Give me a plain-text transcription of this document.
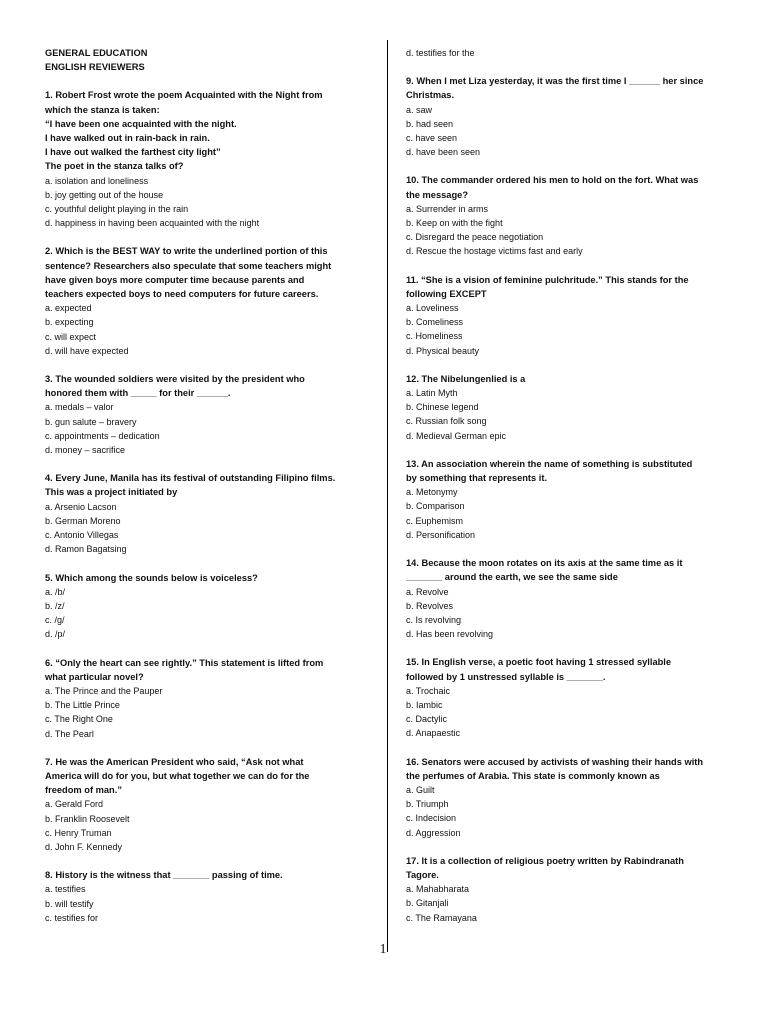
GENERAL EDUCATION
ENGLISH REVIEWERS
1. Robert Frost wrote the poem Acquainted with the Night from
which the stanza is taken:
“I have been one acquainted with the night.
I have walked out in rain-back in rain.
I have out walked the farthest city light”
The poet in the stanza talks of?
a. isolation and loneliness
b. joy getting out of the house
c. youthful delight playing in the rain
d. happiness in having been acquainted with the night
2. Which is the BEST WAY to write the underlined portion of this
sentence? Researchers also speculate that some teachers might
have given boys more computer time because parents and
teachers expected boys to need computers for future careers.
a. expected
b. expecting
c. will expect
d. will have expected
3. The wounded soldiers were visited by the president who
honored them with _____ for their ______.
a. medals – valor
b. gun salute – bravery
c. appointments – dedication
d. money – sacrifice
4. Every June, Manila has its festival of outstanding Filipino films.
This was a project initiated by
a. Arsenio Lacson
b. German Moreno
c. Antonio Villegas
d. Ramon Bagatsing
5. Which among the sounds below is voiceless?
a. /b/
b. /z/
c. /g/
d. /p/
6. “Only the heart can see rightly.” This statement is lifted from
what particular novel?
a. The Prince and the Pauper
b. The Little Prince
c. The Right One
d. The Pearl
7. He was the American President who said, “Ask not what
America will do for you, but what together we can do for the
freedom of man.”
a. Gerald Ford
b. Franklin Roosevelt
c. Henry Truman
d. John F. Kennedy
8. History is the witness that _______ passing of time.
a. testifies
b. will testify
c. testifies for
d. testifies for the
9. When I met Liza yesterday, it was the first time I ______ her since
Christmas.
a. saw
b. had seen
c. have seen
d. have been seen
10. The commander ordered his men to hold on the fort. What was
the message?
a. Surrender in arms
b. Keep on with the fight
c. Disregard the peace negotiation
d. Rescue the hostage victims fast and early
11. “She is a vision of feminine pulchritude.” This stands for the
following EXCEPT
a. Loveliness
b. Comeliness
c. Homeliness
d. Physical beauty
12. The Nibelungenlied is a
a. Latin Myth
b. Chinese legend
c. Russian folk song
d. Medieval German epic
13. An association wherein the name of something is substituted
by something that represents it.
a. Metonymy
b. Comparison
c. Euphemism
d. Personification
14. Because the moon rotates on its axis at the same time as it
_______ around the earth, we see the same side
a. Revolve
b. Revolves
c. Is revolving
d. Has been revolving
15. In English verse, a poetic foot having 1 stressed syllable
followed by 1 unstressed syllable is _______.
a. Trochaic
b. Iambic
c. Dactylic
d. Anapaestic
16. Senators were accused by activists of washing their hands with
the perfumes of Arabia. This state is commonly known as
a. Guilt
b. Triumph
c. Indecision
d. Aggression
17. It is a collection of religious poetry written by Rabindranath
Tagore.
a. Mahabharata
b. Gitanjali
c. The Ramayana
1
